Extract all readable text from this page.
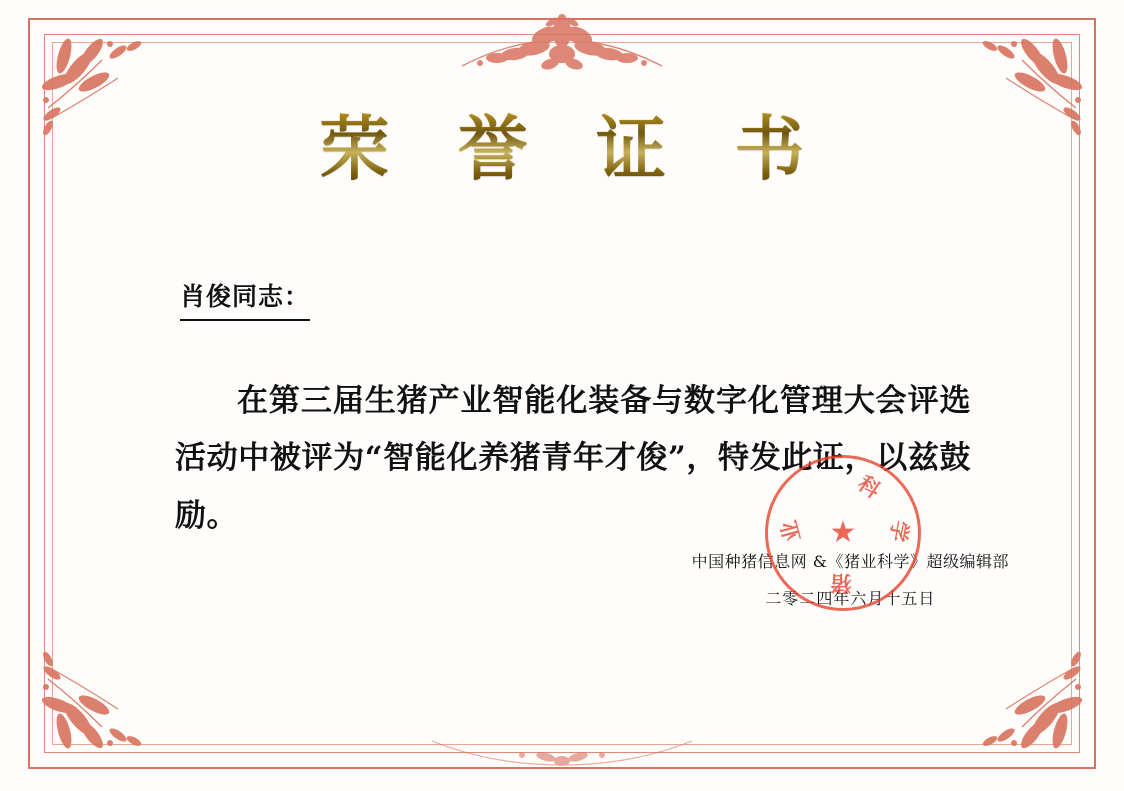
荣 誉 证 书
肖俊同志：
在第三届生猪产业智能化装备与数字化管理大会评选活动中被评为“智能化养猪青年才俊”，特发此证，以兹鼓励。
中国种猪信息网 &《猪业科学》超级编辑部
二零二四年六月十五日
★
科
学
猪
业
